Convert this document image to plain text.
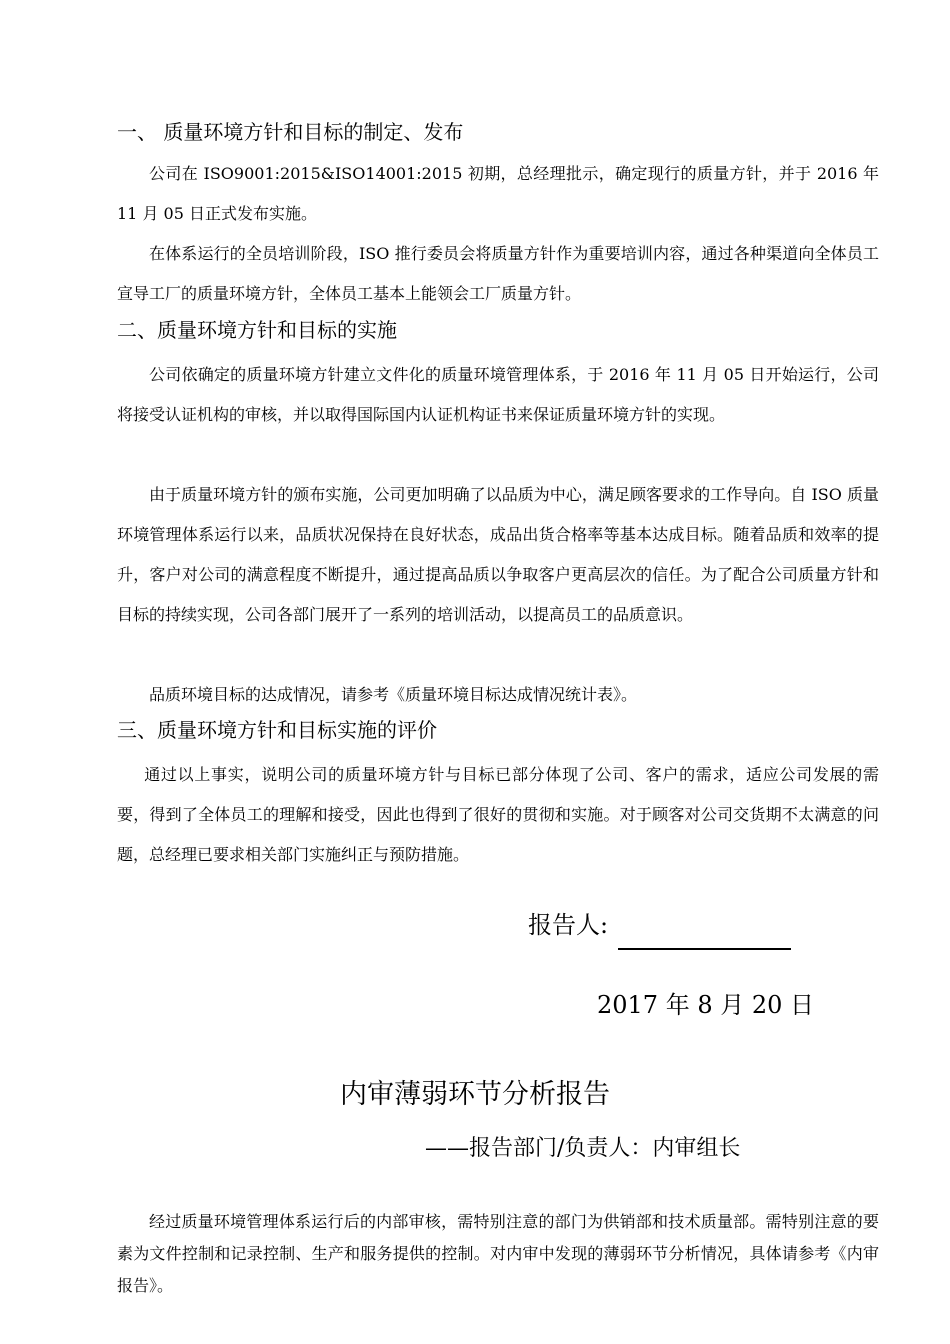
一、 质量环境方针和目标的制定、发布
公司在 ISO9001:2015&ISO14001:2015 初期，总经理批示，确定现行的质量方针，并于 2016 年 11 月 05 日正式发布实施。
在体系运行的全员培训阶段，ISO 推行委员会将质量方针作为重要培训内容，通过各种渠道向全体员工宣导工厂的质量环境方针，全体员工基本上能领会工厂质量方针。
二、质量环境方针和目标的实施
公司依确定的质量环境方针建立文件化的质量环境管理体系，于 2016 年 11 月 05 日开始运行，公司将接受认证机构的审核，并以取得国际国内认证机构证书来保证质量环境方针的实现。
由于质量环境方针的颁布实施，公司更加明确了以品质为中心，满足顾客要求的工作导向。自 ISO 质量环境管理体系运行以来，品质状况保持在良好状态，成品出货合格率等基本达成目标。随着品质和效率的提升，客户对公司的满意程度不断提升，通过提高品质以争取客户更高层次的信任。为了配合公司质量方针和目标的持续实现，公司各部门展开了一系列的培训活动，以提高员工的品质意识。
品质环境目标的达成情况，请参考《质量环境目标达成情况统计表》。
三、质量环境方针和目标实施的评价
通过以上事实，说明公司的质量环境方针与目标已部分体现了公司、客户的需求，适应公司发展的需要，得到了全体员工的理解和接受，因此也得到了很好的贯彻和实施。对于顾客对公司交货期不太满意的问题，总经理已要求相关部门实施纠正与预防措施。
报告人:
2017 年 8 月 20 日
内审薄弱环节分析报告
——报告部门/负责人：内审组长
经过质量环境管理体系运行后的内部审核，需特别注意的部门为供销部和技术质量部。需特别注意的要素为文件控制和记录控制、生产和服务提供的控制。对内审中发现的薄弱环节分析情况，具体请参考《内审报告》。
